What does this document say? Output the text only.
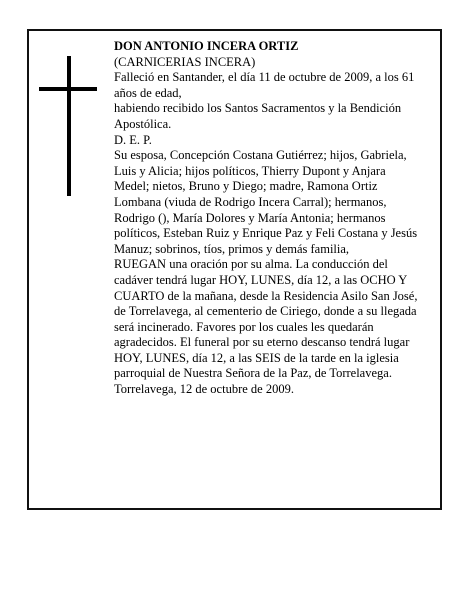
DON ANTONIO INCERA ORTIZ

(CARNICERIAS INCERA)

Falleció en Santander, el día 11 de octubre de 2009, a los 61 años de edad,

habiendo recibido los Santos Sacramentos y la Bendición Apostólica.

D. E. P.

Su esposa, Concepción Costana Gutiérrez; hijos, Gabriela, Luis y Alicia; hijos políticos, Thierry Dupont y Anjara Medel; nietos, Bruno y Diego; madre, Ramona Ortiz Lombana (viuda de Rodrigo Incera Carral); hermanos, Rodrigo (), María Dolores y María Antonia; hermanos políticos, Esteban Ruiz y Enrique Paz y Feli Costana y Jesús Manuz; sobrinos, tíos, primos y demás familia,

RUEGAN una oración por su alma. La conducción del cadáver tendrá lugar HOY, LUNES, día 12, a las OCHO Y CUARTO de la mañana, desde la Residencia Asilo San José, de Torrelavega, al cementerio de Ciriego, donde a su llegada será incinerado. Favores por los cuales les quedarán agradecidos. El funeral por su eterno descanso tendrá lugar HOY, LUNES, día 12, a las SEIS de la tarde en la iglesia parroquial de Nuestra Señora de la Paz, de Torrelavega.

Torrelavega, 12 de octubre de 2009.
